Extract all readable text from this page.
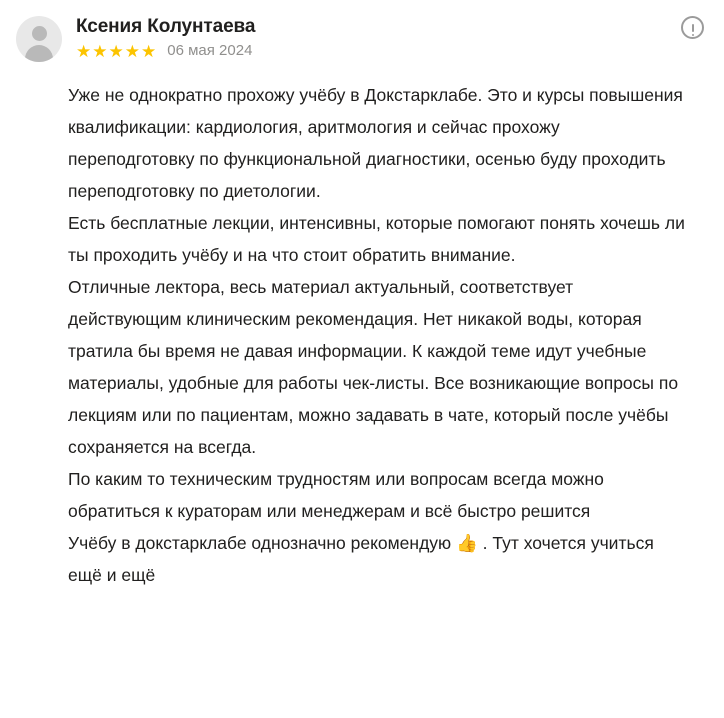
Ксения Колунтаева
★ ★ ★ ★ ★ 06 мая 2024

Уже не однократно прохожу учёбу в Докстарклабе. Это и курсы повышения квалификации: кардиология, аритмология и сейчас прохожу переподготовку по функциональной диагностики, осенью буду проходить переподготовку по диетологии.

Есть бесплатные лекции, интенсивны, которые помогают понять хочешь ли ты проходить учёбу и на что стоит обратить внимание.

Отличные лектора, весь материал актуальный, соответствует действующим клиническим рекомендация. Нет никакой воды, которая тратила бы время не давая информации. К каждой теме идут учебные материалы, удобные для работы чек-листы. Все возникающие вопросы по лекциям или по пациентам, можно задавать в чате, который после учёбы сохраняется на всегда.

По каким то техническим трудностям или вопросам всегда можно обратиться к кураторам или менеджерам и всё быстро решится

Учёбу в докстарклабе однозначно рекомендую 👍 . Тут хочется учиться ещё и ещё
